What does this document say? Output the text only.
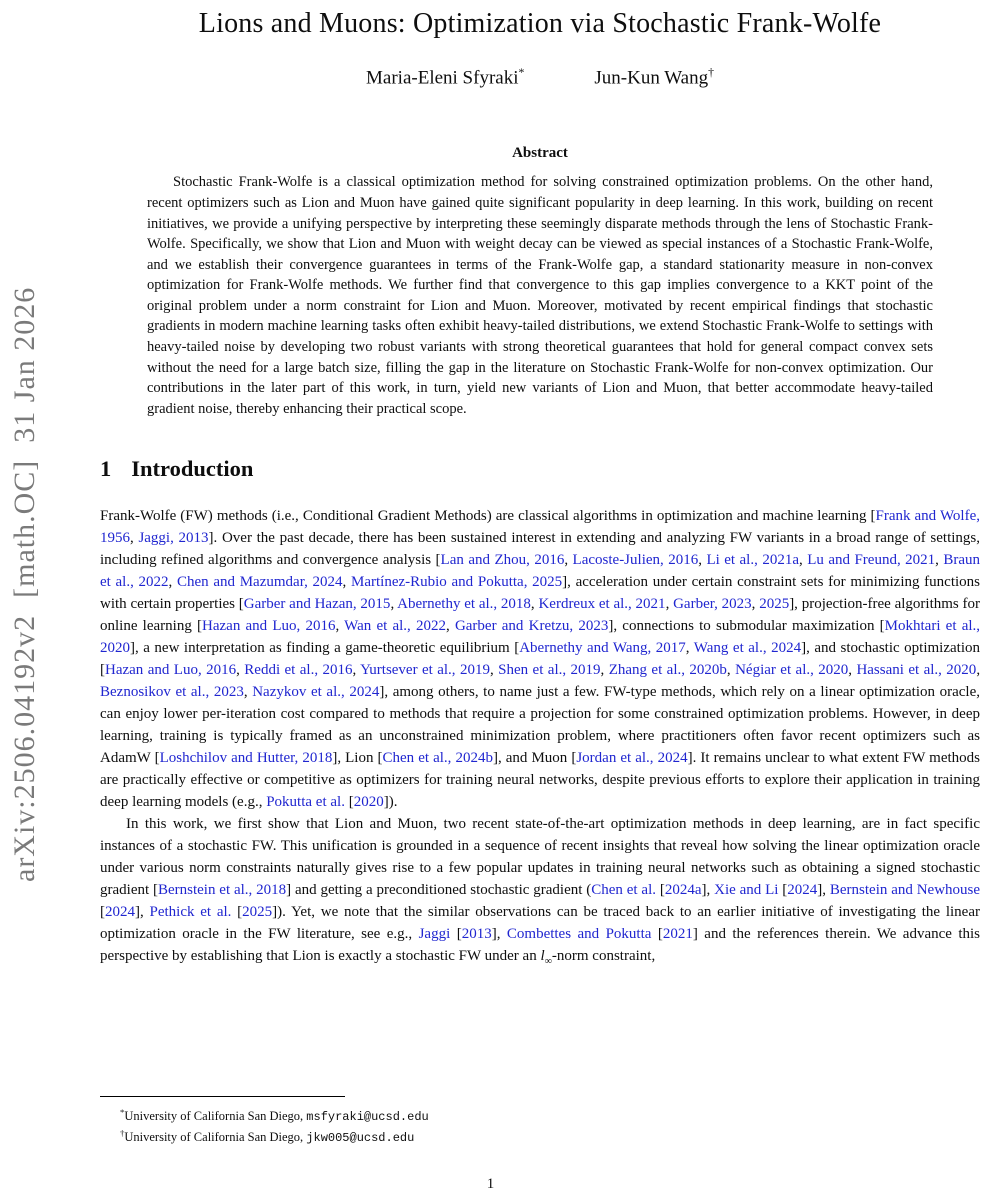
arXiv:2506.04192v2  [math.OC]  31 Jan 2026
Lions and Muons: Optimization via Stochastic Frank-Wolfe
Maria-Eleni Sfyraki*	Jun-Kun Wang†
Abstract
Stochastic Frank-Wolfe is a classical optimization method for solving constrained optimization problems. On the other hand, recent optimizers such as Lion and Muon have gained quite significant popularity in deep learning. In this work, building on recent initiatives, we provide a unifying perspective by interpreting these seemingly disparate methods through the lens of Stochastic Frank-Wolfe. Specifically, we show that Lion and Muon with weight decay can be viewed as special instances of a Stochastic Frank-Wolfe, and we establish their convergence guarantees in terms of the Frank-Wolfe gap, a standard stationarity measure in non-convex optimization for Frank-Wolfe methods. We further find that convergence to this gap implies convergence to a KKT point of the original problem under a norm constraint for Lion and Muon. Moreover, motivated by recent empirical findings that stochastic gradients in modern machine learning tasks often exhibit heavy-tailed distributions, we extend Stochastic Frank-Wolfe to settings with heavy-tailed noise by developing two robust variants with strong theoretical guarantees that hold for general compact convex sets without the need for a large batch size, filling the gap in the literature on Stochastic Frank-Wolfe for non-convex optimization. Our contributions in the later part of this work, in turn, yield new variants of Lion and Muon, that better accommodate heavy-tailed gradient noise, thereby enhancing their practical scope.
1 Introduction

Frank-Wolfe (FW) methods (i.e., Conditional Gradient Methods) are classical algorithms in optimization and machine learning [Frank and Wolfe, 1956, Jaggi, 2013]. Over the past decade, there has been sustained interest in extending and analyzing FW variants in a broad range of settings, including refined algorithms and convergence analysis [Lan and Zhou, 2016, Lacoste-Julien, 2016, Li et al., 2021a, Lu and Freund, 2021, Braun et al., 2022, Chen and Mazumdar, 2024, Martínez-Rubio and Pokutta, 2025], acceleration under certain constraint sets for minimizing functions with certain properties [Garber and Hazan, 2015, Abernethy et al., 2018, Kerdreux et al., 2021, Garber, 2023, 2025], projection-free algorithms for online learning [Hazan and Luo, 2016, Wan et al., 2022, Garber and Kretzu, 2023], connections to submodular maximization [Mokhtari et al., 2020], a new interpretation as finding a game-theoretic equilibrium [Abernethy and Wang, 2017, Wang et al., 2024], and stochastic optimization [Hazan and Luo, 2016, Reddi et al., 2016, Yurtsever et al., 2019, Shen et al., 2019, Zhang et al., 2020b, Négiar et al., 2020, Hassani et al., 2020, Beznosikov et al., 2023, Nazykov et al., 2024], among others, to name just a few. FW-type methods, which rely on a linear optimization oracle, can enjoy lower per-iteration cost compared to methods that require a projection for some constrained optimization problems. However, in deep learning, training is typically framed as an unconstrained minimization problem, where practitioners often favor recent optimizers such as AdamW [Loshchilov and Hutter, 2018], Lion [Chen et al., 2024b], and Muon [Jordan et al., 2024]. It remains unclear to what extent FW methods are practically effective or competitive as optimizers for training neural networks, despite previous efforts to explore their application in training deep learning models (e.g., Pokutta et al. [2020]).

In this work, we first show that Lion and Muon, two recent state-of-the-art optimization methods in deep learning, are in fact specific instances of a stochastic FW. This unification is grounded in a sequence of recent insights that reveal how solving the linear optimization oracle under various norm constraints naturally gives rise to a few popular updates in training neural networks such as obtaining a signed stochastic gradient [Bernstein et al., 2018] and getting a preconditioned stochastic gradient (Chen et al. [2024a], Xie and Li [2024], Bernstein and Newhouse [2024], Pethick et al. [2025]). Yet, we note that the similar observations can be traced back to an earlier initiative of investigating the linear optimization oracle in the FW literature, see e.g., Jaggi [2013], Combettes and Pokutta [2021] and the references therein. We advance this perspective by establishing that Lion is exactly a stochastic FW under an $l_\infty$-norm constraint,

*University of California San Diego, msfyraki@ucsd.edu
†University of California San Diego, jkw005@ucsd.edu
1
